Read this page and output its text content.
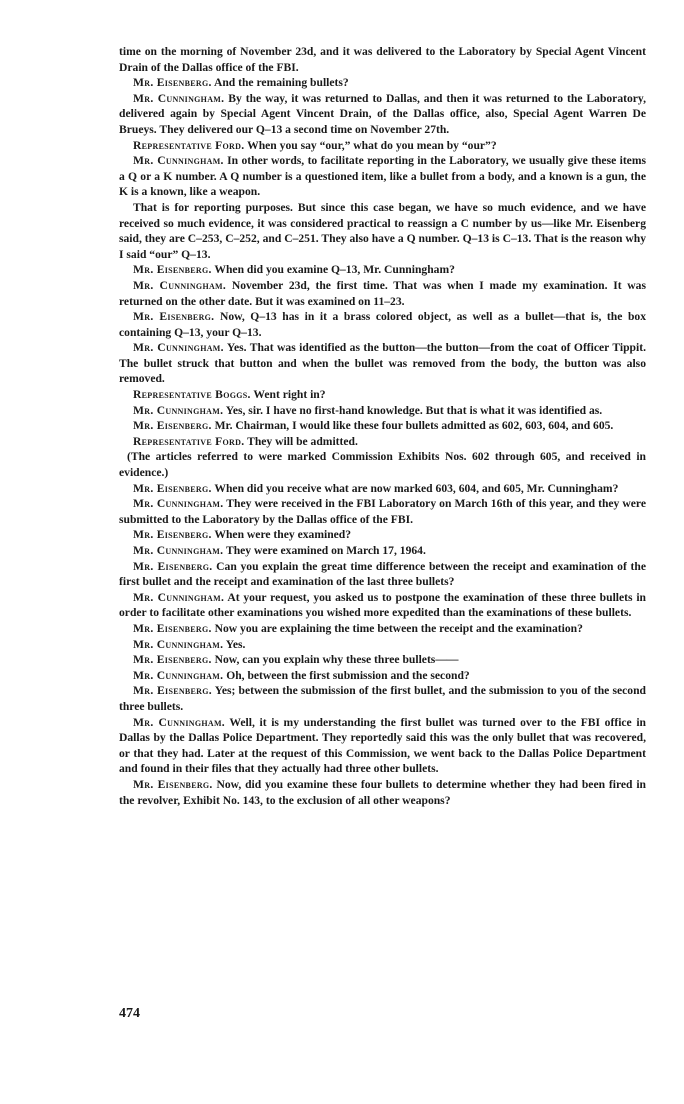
time on the morning of November 23d, and it was delivered to the Laboratory by Special Agent Vincent Drain of the Dallas office of the FBI.

Mr. Eisenberg. And the remaining bullets?

Mr. Cunningham. By the way, it was returned to Dallas, and then it was returned to the Laboratory, delivered again by Special Agent Vincent Drain, of the Dallas office, also, Special Agent Warren De Brueys. They delivered our Q–13 a second time on November 27th.

Representative Ford. When you say “our,” what do you mean by “our”?

Mr. Cunningham. In other words, to facilitate reporting in the Laboratory, we usually give these items a Q or a K number. A Q number is a questioned item, like a bullet from a body, and a known is a gun, the K is a known, like a weapon.

That is for reporting purposes. But since this case began, we have so much evidence, and we have received so much evidence, it was considered practical to reassign a C number by us—like Mr. Eisenberg said, they are C–253, C–252, and C–251. They also have a Q number. Q–13 is C–13. That is the reason why I said “our” Q–13.

Mr. Eisenberg. When did you examine Q–13, Mr. Cunningham?

Mr. Cunningham. November 23d, the first time. That was when I made my examination. It was returned on the other date. But it was examined on 11–23.

Mr. Eisenberg. Now, Q–13 has in it a brass colored object, as well as a bullet—that is, the box containing Q–13, your Q–13.

Mr. Cunningham. Yes. That was identified as the button—the button—from the coat of Officer Tippit. The bullet struck that button and when the bullet was removed from the body, the button was also removed.

Representative Boggs. Went right in?

Mr. Cunningham. Yes, sir. I have no first-hand knowledge. But that is what it was identified as.

Mr. Eisenberg. Mr. Chairman, I would like these four bullets admitted as 602, 603, 604, and 605.

Representative Ford. They will be admitted.

(The articles referred to were marked Commission Exhibits Nos. 602 through 605, and received in evidence.)

Mr. Eisenberg. When did you receive what are now marked 603, 604, and 605, Mr. Cunningham?

Mr. Cunningham. They were received in the FBI Laboratory on March 16th of this year, and they were submitted to the Laboratory by the Dallas office of the FBI.

Mr. Eisenberg. When were they examined?

Mr. Cunningham. They were examined on March 17, 1964.

Mr. Eisenberg. Can you explain the great time difference between the receipt and examination of the first bullet and the receipt and examination of the last three bullets?

Mr. Cunningham. At your request, you asked us to postpone the examination of these three bullets in order to facilitate other examinations you wished more expedited than the examinations of these bullets.

Mr. Eisenberg. Now you are explaining the time between the receipt and the examination?

Mr. Cunningham. Yes.

Mr. Eisenberg. Now, can you explain why these three bullets——

Mr. Cunningham. Oh, between the first submission and the second?

Mr. Eisenberg. Yes; between the submission of the first bullet, and the submission to you of the second three bullets.

Mr. Cunningham. Well, it is my understanding the first bullet was turned over to the FBI office in Dallas by the Dallas Police Department. They reportedly said this was the only bullet that was recovered, or that they had. Later at the request of this Commission, we went back to the Dallas Police Department and found in their files that they actually had three other bullets.

Mr. Eisenberg. Now, did you examine these four bullets to determine whether they had been fired in the revolver, Exhibit No. 143, to the exclusion of all other weapons?

474
